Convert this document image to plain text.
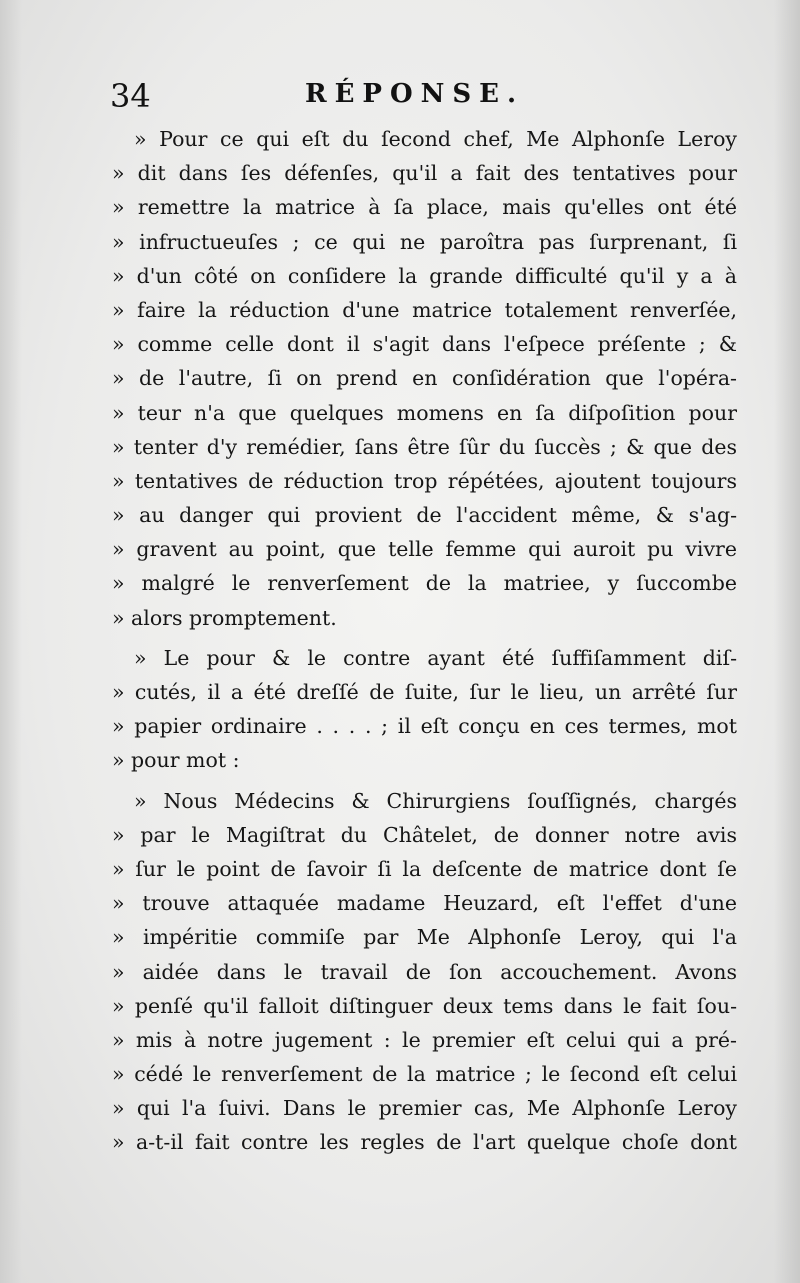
34	RÉPONSE.
» Pour ce qui eſt du ſecond chef, Me Alphonſe Leroy
» dit dans ſes défenſes, qu'il a fait des tentatives pour
» remettre la matrice à ſa place, mais qu'elles ont été
» infructueuſes ; ce qui ne paroîtra pas ſurprenant, ſi
» d'un côté on conſidere la grande difficulté qu'il y a à
» faire la réduction d'une matrice totalement renverſée,
» comme celle dont il s'agit dans l'eſpece préſente ; &
» de l'autre, ſi on prend en conſidération que l'opéra-
» teur n'a que quelques momens en ſa diſpoſition pour
» tenter d'y remédier, ſans être ſûr du ſuccès ; & que des
» tentatives de réduction trop répétées, ajoutent toujours
» au danger qui provient de l'accident même, & s'ag-
» gravent au point, que telle femme qui auroit pu vivre
» malgré le renverſement de la matriee, y ſuccombe
» alors promptement.
» Le pour & le contre ayant été ſuffiſamment diſ-
» cutés, il a été dreſſé de ſuite, ſur le lieu, un arrêté ſur
» papier ordinaire . . . . ; il eſt conçu en ces termes, mot
» pour mot :
» Nous Médecins & Chirurgiens ſouſſignés, chargés
» par le Magiſtrat du Châtelet, de donner notre avis
» ſur le point de ſavoir ſi la deſcente de matrice dont ſe
» trouve attaquée madame Heuzard, eſt l'effet d'une
» impéritie commiſe par Me Alphonſe Leroy, qui l'a
» aidée dans le travail de ſon accouchement. Avons
» penſé qu'il falloit diſtinguer deux tems dans le fait ſou-
» mis à notre jugement : le premier eſt celui qui a pré-
» cédé le renverſement de la matrice ; le ſecond eſt celui
» qui l'a ſuivi. Dans le premier cas, Me Alphonſe Leroy
» a-t-il fait contre les regles de l'art quelque choſe dont
